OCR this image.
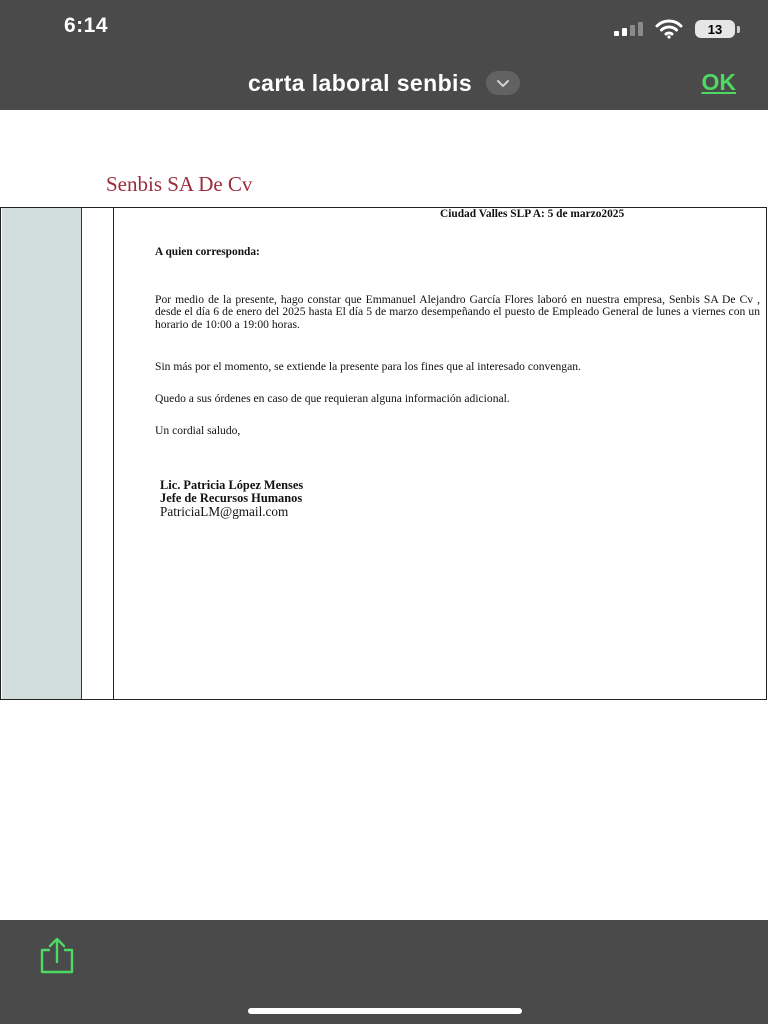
6:14	13
carta laboral senbis	OK
Senbis SA De Cv
Ciudad Valles SLP A: 5 de marzo2025
A quien corresponda:
Por medio de la presente, hago constar que Emmanuel Alejandro García Flores laboró en nuestra empresa, Senbis SA De Cv , desde el día 6 de enero del 2025 hasta El día 5 de marzo desempeñando el puesto de Empleado General de lunes a viernes con un horario de 10:00 a 19:00 horas.
Sin más por el momento, se extiende la presente para los fines que al interesado convengan.
Quedo a sus órdenes en caso de que requieran alguna información adicional.
Un cordial saludo,
Lic. Patricia López Menses
Jefe de Recursos Humanos
PatriciaLM@gmail.com
